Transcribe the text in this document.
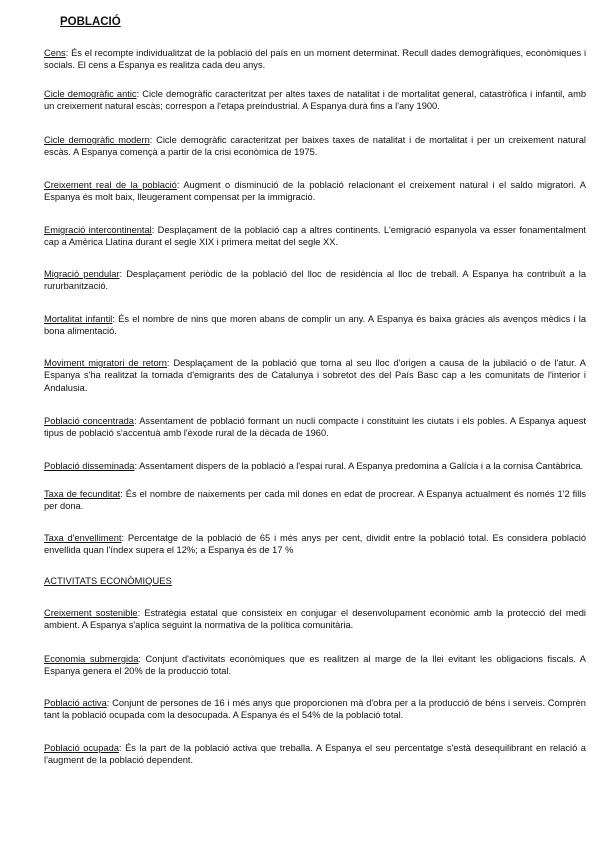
POBLACIÓ
Cens: És el recompte individualitzat de la població del país en un moment determinat. Recull dades demogràfiques, econòmiques i socials. El cens a Espanya es realitza cada deu anys.
Cicle demogràfic antic: Cicle demogràfic caracteritzat per altes taxes de natalitat i de mortalitat general, catastròfica i infantil, amb un creixement natural escàs; correspon a l'etapa preindustrial. A Espanya durà fins a l'any 1900.
Cicle demogràfic modern: Cicle demogràfic caracteritzat per baixes taxes de natalitat i de mortalitat i per un creixement natural escàs. A Espanya començà a partir de la crisi econòmica de 1975.
Creixement real de la població: Augment o disminució de la població relacionant el creixement natural i el saldo migratori. A Espanya és molt baix, lleugerament compensat per la immigració.
Emigració intercontinental: Desplaçament de la població cap a altres continents. L'emigració espanyola va esser fonamentalment cap a Amèrica Llatina durant el segle XIX i primera meitat del segle XX.
Migració pendular: Desplaçament periòdic de la població del lloc de residència al lloc de treball. A Espanya ha contribuït a la rururbanització.
Mortalitat infantil: És el nombre de nins que moren abans de complir un any. A Espanya és baixa gràcies als avenços mèdics i la bona alimentació.
Moviment migratori de retorn: Desplaçament de la població que torna al seu lloc d'origen a causa de la jubilació o de l'atur. A Espanya s'ha realitzat la tornada d'emigrants des de Catalunya i sobretot des del País Basc cap a les comunitats de l'interior i Andalusia.
Població concentrada: Assentament de població formant un nucli compacte i constituint les ciutats i els pobles. A Espanya aquest tipus de població s'accentuà amb l'èxode rural de la dècada de 1960.
Població disseminada: Assentament dispers de la població a l'espai rural. A Espanya predomina a Galícia i a la cornisa Cantàbrica.
Taxa de fecunditat: És el nombre de naixements per cada mil dones en edat de procrear. A Espanya actualment és només 1'2 fills per dona.
Taxa d'envelliment: Percentatge de la població de 65 i més anys per cent, dividit entre la població total. Es considera població envellida quan l'índex supera el 12%; a Espanya és de 17 %
ACTIVITATS ECONÒMIQUES
Creixement sostenible: Estratègia estatal que consisteix en conjugar el desenvolupament econòmic amb la protecció del medi ambient. A Espanya s'aplica seguint la normativa de la política comunitària.
Economia submergida: Conjunt d'activitats econòmiques que es realitzen al marge de la llei evitant les obligacions fiscals. A Espanya genera el 20% de la producció total.
Població activa: Conjunt de persones de 16 i més anys que proporcionen mà d'obra per a la producció de béns i serveis. Comprèn tant la població ocupada com la desocupada. A Espanya és el 54% de la població total.
Població ocupada: És la part de la població activa que treballa. A Espanya el seu percentatge s'està desequilibrant en relació a l'augment de la població dependent.
